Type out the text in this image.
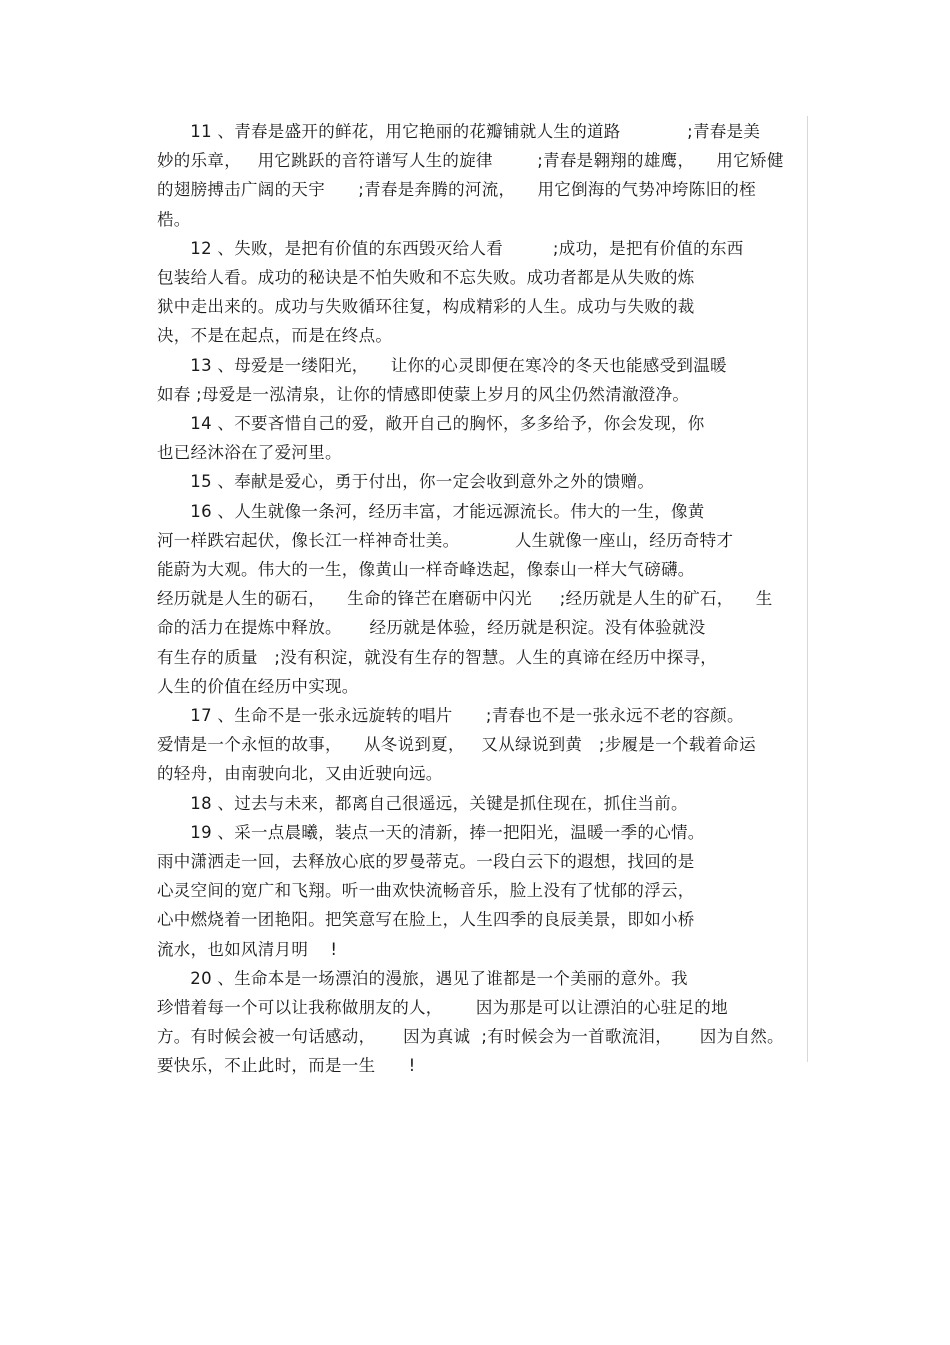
11 、青春是盛开的鲜花，用它艳丽的花瓣铺就人生的道路            ;青春是美
妙的乐章，   用它跳跃的音符谱写人生的旋律        ;青春是翱翔的雄鹰，    用它矫健
的翅膀搏击广阔的天宇      ;青春是奔腾的河流，    用它倒海的气势冲垮陈旧的桎
梏。
12 、失败，是把有价值的东西毁灭给人看         ;成功，是把有价值的东西
包装给人看。成功的秘诀是不怕失败和不忘失败。成功者都是从失败的炼
狱中走出来的。成功与失败循环往复，构成精彩的人生。成功与失败的裁
决，不是在起点，而是在终点。
13 、母爱是一缕阳光，    让你的心灵即便在寒冷的冬天也能感受到温暖
如春 ;母爱是一泓清泉，让你的情感即使蒙上岁月的风尘仍然清澈澄净。
14 、不要吝惜自己的爱，敞开自己的胸怀，多多给予，你会发现，你
也已经沐浴在了爱河里。
15 、奉献是爱心，勇于付出，你一定会收到意外之外的馈赠。
16 、人生就像一条河，经历丰富，才能远源流长。伟大的一生，像黄
河一样跌宕起伏，像长江一样神奇壮美。          人生就像一座山，经历奇特才
能蔚为大观。伟大的一生，像黄山一样奇峰迭起，像泰山一样大气磅礴。
经历就是人生的砺石，    生命的锋芒在磨砺中闪光     ;经历就是人生的矿石，    生
命的活力在提炼中释放。     经历就是体验，经历就是积淀。没有体验就没
有生存的质量   ;没有积淀，就没有生存的智慧。人生的真谛在经历中探寻，
人生的价值在经历中实现。
17 、生命不是一张永远旋转的唱片      ;青春也不是一张永远不老的容颜。
爱情是一个永恒的故事，    从冬说到夏，   又从绿说到黄   ;步履是一个载着命运
的轻舟，由南驶向北，又由近驶向远。
18 、过去与未来，都离自己很遥远，关键是抓住现在，抓住当前。
19 、采一点晨曦，装点一天的清新，捧一把阳光，温暖一季的心情。
雨中潇洒走一回，去释放心底的罗曼蒂克。一段白云下的遐想，找回的是
心灵空间的宽广和飞翔。听一曲欢快流畅音乐，脸上没有了忧郁的浮云，
心中燃烧着一团艳阳。把笑意写在脸上，人生四季的良辰美景，即如小桥
流水，也如风清月明    !
20 、生命本是一场漂泊的漫旅，遇见了谁都是一个美丽的意外。我
珍惜着每一个可以让我称做朋友的人，      因为那是可以让漂泊的心驻足的地
方。有时候会被一句话感动，     因为真诚  ;有时候会为一首歌流泪，     因为自然。
要快乐，不止此时，而是一生      !
